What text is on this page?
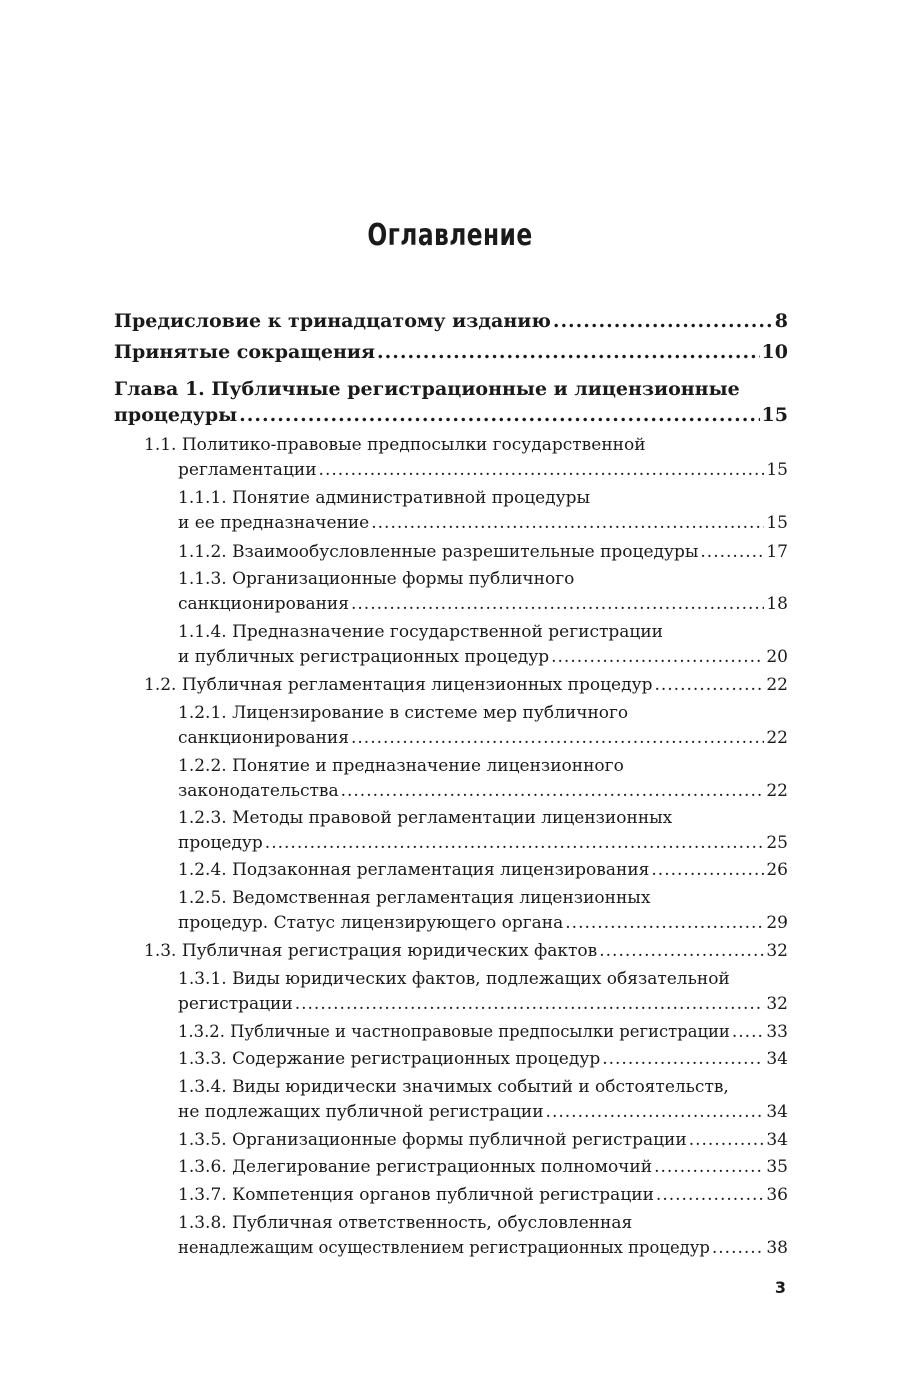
Оглавление
Предисловие к тринадцатому изданию .....	8
Принятые сокращения .....	10
Глава 1. Публичные регистрационные и лицензионные
процедуры .....	15
1.1. Политико-правовые предпосылки государственной
регламентации .....	15
1.1.1. Понятие административной процедуры
и ее предназначение .....	15
1.1.2. Взаимообусловленные разрешительные процедуры .....	17
1.1.3. Организационные формы публичного
санкционирования .....	18
1.1.4. Предназначение государственной регистрации
и публичных регистрационных процедур .....	20
1.2. Публичная регламентация лицензионных процедур .....	22
1.2.1. Лицензирование в системе мер публичного
санкционирования .....	22
1.2.2. Понятие и предназначение лицензионного
законодательства .....	22
1.2.3. Методы правовой регламентации лицензионных
процедур .....	25
1.2.4. Подзаконная регламентация лицензирования .....	26
1.2.5. Ведомственная регламентация лицензионных
процедур. Статус лицензирующего органа .....	29
1.3. Публичная регистрация юридических фактов .....	32
1.3.1. Виды юридических фактов, подлежащих обязательной
регистрации .....	32
1.3.2. Публичные и частноправовые предпосылки регистрации ..... 33
1.3.3. Содержание регистрационных процедур .....	34
1.3.4. Виды юридически значимых событий и обстоятельств,
не подлежащих публичной регистрации .....	34
1.3.5. Организационные формы публичной регистрации .....	34
1.3.6. Делегирование регистрационных полномочий .....	35
1.3.7. Компетенция органов публичной регистрации .....	36
1.3.8. Публичная ответственность, обусловленная
ненадлежащим осуществлением регистрационных процедур .....	38
3
